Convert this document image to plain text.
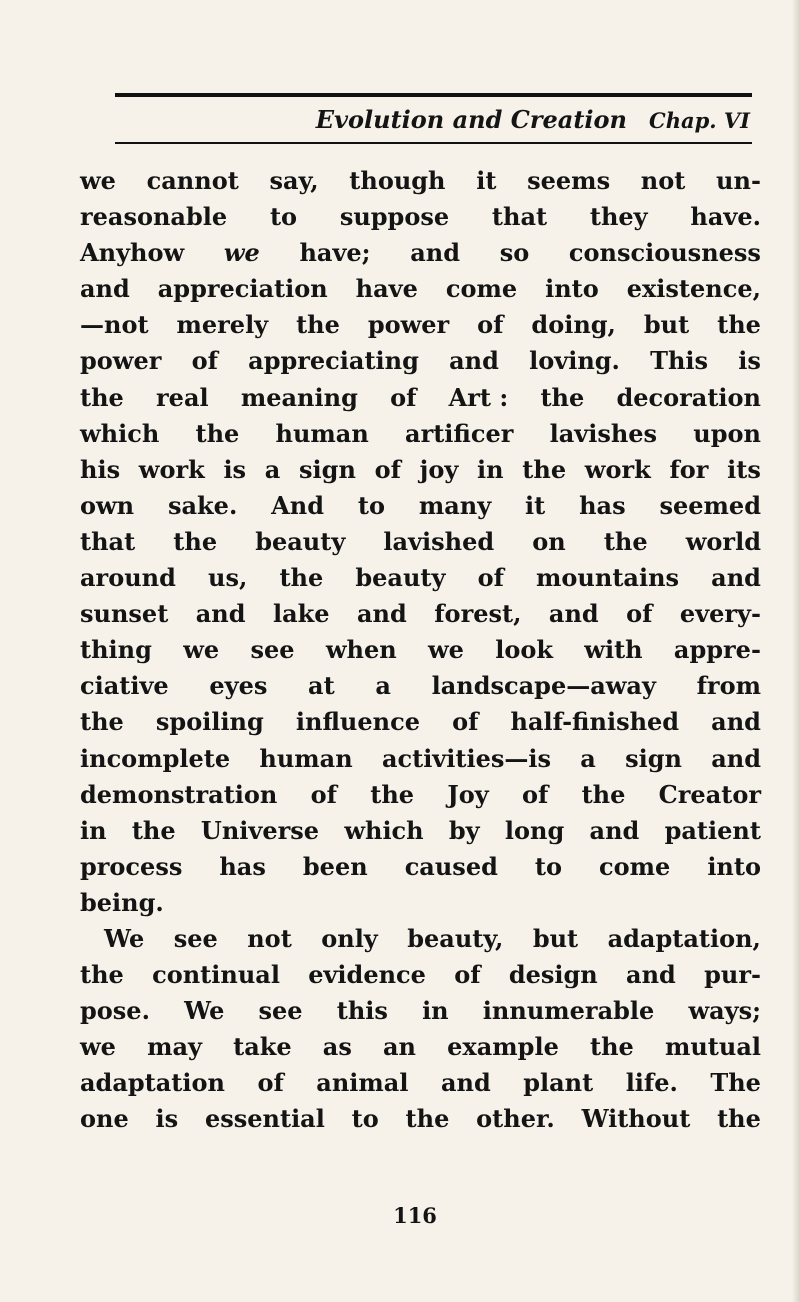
Evolution and Creation Chap. VI
we cannot say, though it seems not un-
reasonable to suppose that they have.
Anyhow we have; and so consciousness
and appreciation have come into existence,
—not merely the power of doing, but the
power of appreciating and loving. This is
the real meaning of Art : the decoration
which the human artificer lavishes upon
his work is a sign of joy in the work for its
own sake. And to many it has seemed
that the beauty lavished on the world
around us, the beauty of mountains and
sunset and lake and forest, and of every-
thing we see when we look with appre-
ciative eyes at a landscape—away from
the spoiling influence of half-finished and
incomplete human activities—is a sign and
demonstration of the Joy of the Creator
in the Universe which by long and patient
process has been caused to come into
being.
We see not only beauty, but adaptation,
the continual evidence of design and pur-
pose. We see this in innumerable ways;
we may take as an example the mutual
adaptation of animal and plant life. The
one is essential to the other. Without the
116
